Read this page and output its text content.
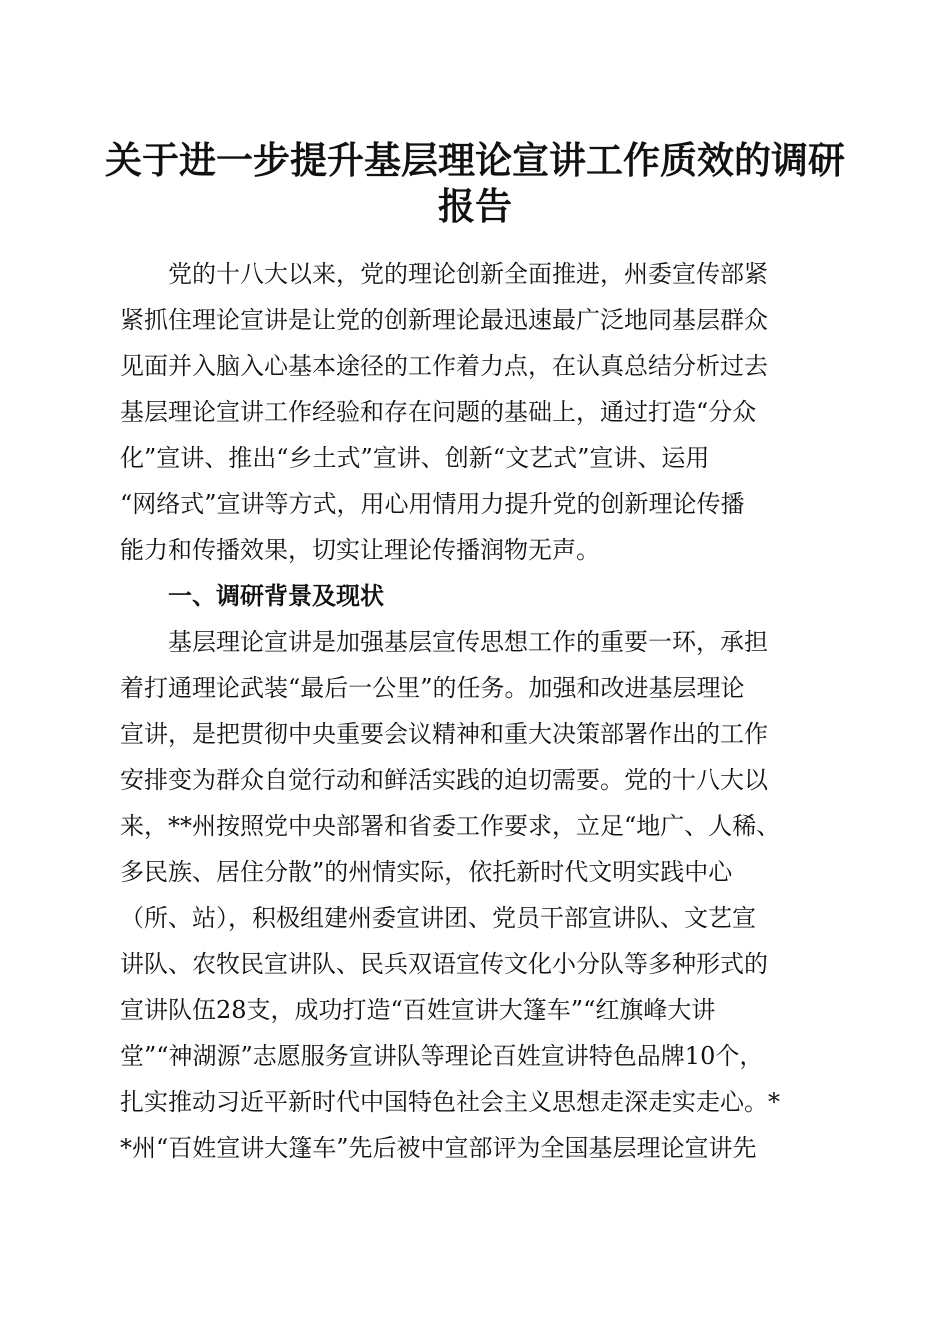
关于进一步提升基层理论宣讲工作质效的调研
报告
党的十八大以来，党的理论创新全面推进，州委宣传部紧
紧抓住理论宣讲是让党的创新理论最迅速最广泛地同基层群众
见面并入脑入心基本途径的工作着力点，在认真总结分析过去
基层理论宣讲工作经验和存在问题的基础上，通过打造“分众
化”宣讲、推出“乡土式”宣讲、创新“文艺式”宣讲、运用
“网络式”宣讲等方式，用心用情用力提升党的创新理论传播
能力和传播效果，切实让理论传播润物无声。
一、调研背景及现状
基层理论宣讲是加强基层宣传思想工作的重要一环，承担
着打通理论武装“最后一公里”的任务。加强和改进基层理论
宣讲，是把贯彻中央重要会议精神和重大决策部署作出的工作
安排变为群众自觉行动和鲜活实践的迫切需要。党的十八大以
来，**州按照党中央部署和省委工作要求，立足“地广、人稀、
多民族、居住分散”的州情实际，依托新时代文明实践中心
（所、站），积极组建州委宣讲团、党员干部宣讲队、文艺宣
讲队、农牧民宣讲队、民兵双语宣传文化小分队等多种形式的
宣讲队伍28支，成功打造“百姓宣讲大篷车”“红旗峰大讲
堂”“神湖源”志愿服务宣讲队等理论百姓宣讲特色品牌10个，
扎实推动习近平新时代中国特色社会主义思想走深走实走心。*
*州“百姓宣讲大篷车”先后被中宣部评为全国基层理论宣讲先
